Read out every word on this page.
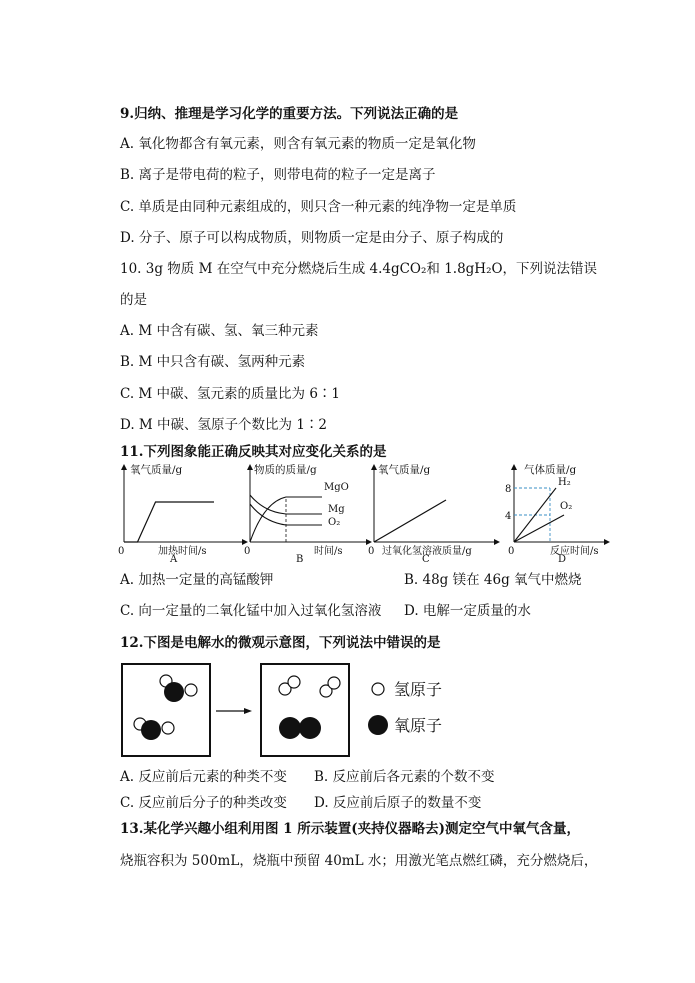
9.归纳、推理是学习化学的重要方法。下列说法正确的是
A. 氧化物都含有氧元素，则含有氧元素的物质一定是氧化物
B. 离子是带电荷的粒子，则带电荷的粒子一定是离子
C. 单质是由同种元素组成的，则只含一种元素的纯净物一定是单质
D. 分子、原子可以构成物质，则物质一定是由分子、原子构成的
10. 3g 物质 M 在空气中充分燃烧后生成 4.4gCO₂和 1.8gH₂O，下列说法错误
的是
A. M 中含有碳、氢、氧三种元素
B. M 中只含有碳、氢两种元素
C. M 中碳、氢元素的质量比为 6∶1
D. M 中碳、氢原子个数比为 1∶2
11.下列图象能正确反映其对应变化关系的是
氧气质量/g
0	加热时间/s
A
物质的质量/g
MgO
Mg
O₂
0	时间/s
B
氧气质量/g
0 过氧化氢溶液质量/g
C
气体质量/g
8
4
H₂
O₂
0	反应时间/s
D
A. 加热一定量的高锰酸钾	B. 48g 镁在 46g 氧气中燃烧
C. 向一定量的二氧化锰中加入过氧化氢溶液 D. 电解一定质量的水
12.下图是电解水的微观示意图，下列说法中错误的是
氢原子
氧原子
A. 反应前后元素的种类不变 B. 反应前后各元素的个数不变
C. 反应前后分子的种类改变 D. 反应前后原子的数量不变
13.某化学兴趣小组利用图 1 所示装置(夹持仪器略去)测定空气中氧气含量，
烧瓶容积为 500mL，烧瓶中预留 40mL 水；用激光笔点燃红磷，充分燃烧后，
